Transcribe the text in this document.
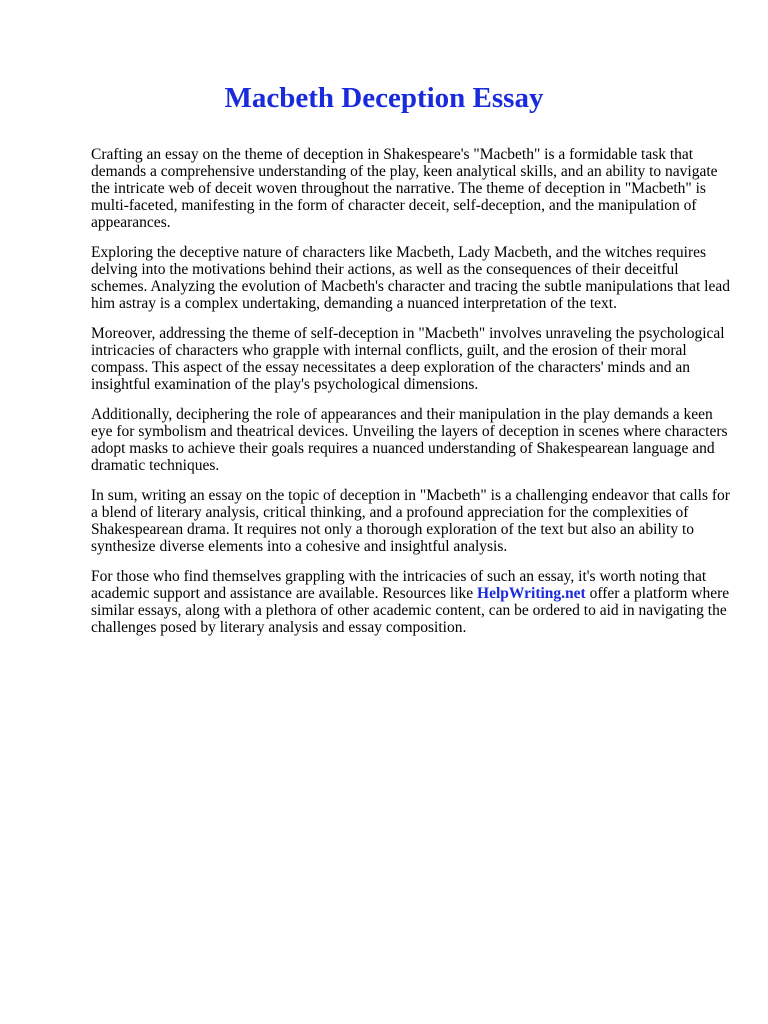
Macbeth Deception Essay

Crafting an essay on the theme of deception in Shakespeare's "Macbeth" is a formidable task that demands a comprehensive understanding of the play, keen analytical skills, and an ability to navigate the intricate web of deceit woven throughout the narrative. The theme of deception in "Macbeth" is multi-faceted, manifesting in the form of character deceit, self-deception, and the manipulation of appearances.

Exploring the deceptive nature of characters like Macbeth, Lady Macbeth, and the witches requires delving into the motivations behind their actions, as well as the consequences of their deceitful schemes. Analyzing the evolution of Macbeth's character and tracing the subtle manipulations that lead him astray is a complex undertaking, demanding a nuanced interpretation of the text.

Moreover, addressing the theme of self-deception in "Macbeth" involves unraveling the psychological intricacies of characters who grapple with internal conflicts, guilt, and the erosion of their moral compass. This aspect of the essay necessitates a deep exploration of the characters' minds and an insightful examination of the play's psychological dimensions.

Additionally, deciphering the role of appearances and their manipulation in the play demands a keen eye for symbolism and theatrical devices. Unveiling the layers of deception in scenes where characters adopt masks to achieve their goals requires a nuanced understanding of Shakespearean language and dramatic techniques.

In sum, writing an essay on the topic of deception in "Macbeth" is a challenging endeavor that calls for a blend of literary analysis, critical thinking, and a profound appreciation for the complexities of Shakespearean drama. It requires not only a thorough exploration of the text but also an ability to synthesize diverse elements into a cohesive and insightful analysis.

For those who find themselves grappling with the intricacies of such an essay, it's worth noting that academic support and assistance are available. Resources like HelpWriting.net offer a platform where similar essays, along with a plethora of other academic content, can be ordered to aid in navigating the challenges posed by literary analysis and essay composition.
